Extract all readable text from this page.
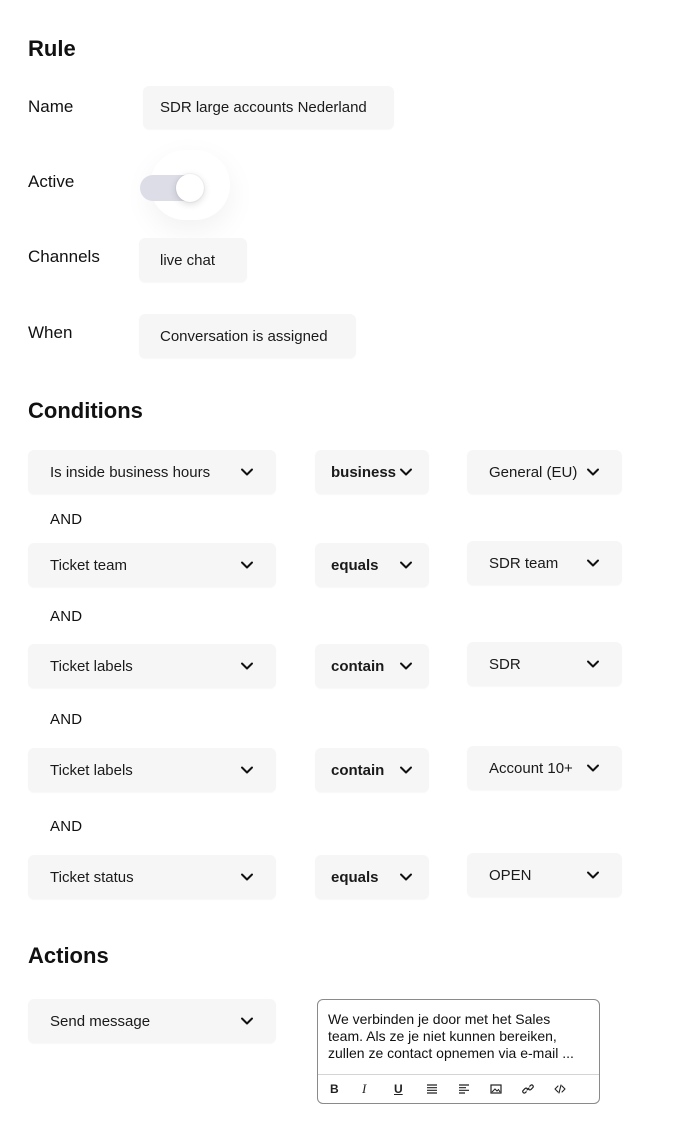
Rule
Name	SDR large accounts Nederland
Active
Channels	live chat
When	Conversation is assigned
Conditions
Is inside business hours	business	General (EU)
AND
Ticket team	equals	SDR team
AND
Ticket labels	contain	SDR
AND
Ticket labels	contain	Account 10+
AND
Ticket status	equals	OPEN
Actions
Send message	We verbinden je door met het Sales team. Als ze je niet kunnen bereiken, zullen ze contact opnemen via e-mail ...
B	I	U
